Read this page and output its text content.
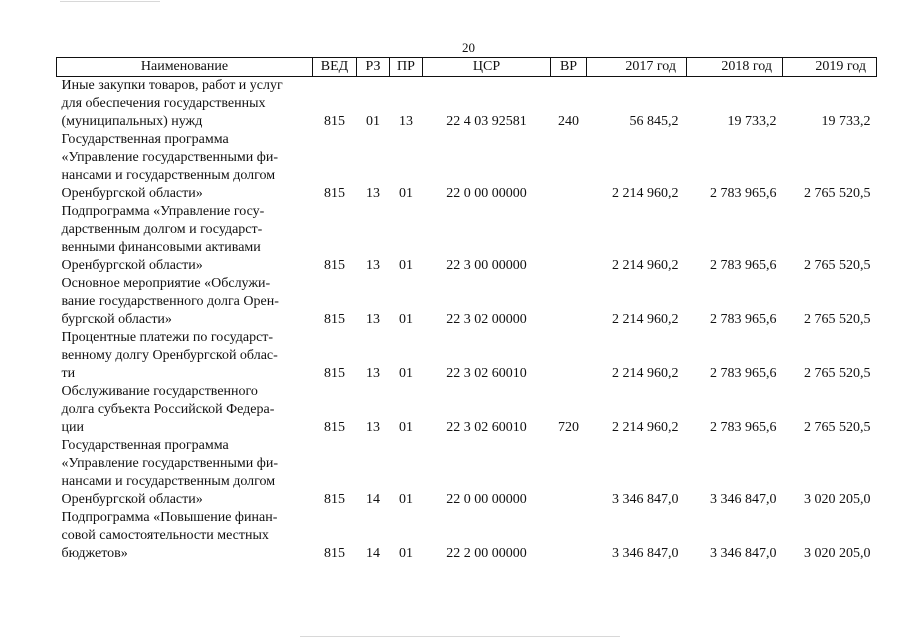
20
Наименование	ВЕД	РЗ	ПР	ЦСР	ВР	2017 год	2018 год	2019 год

Иные закупки товаров, работ и услуг
для обеспечения государственных
(муниципальных) нужд	815	01	13	22 4 03 92581	240	56 845,2	19 733,2	19 733,2

Государственная программа
«Управление государственными фи-
нансами и государственным долгом
Оренбургской области»	815	13	01	22 0 00 00000		2 214 960,2	2 783 965,6	2 765 520,5

Подпрограмма «Управление госу-
дарственным долгом и государст-
венными финансовыми активами
Оренбургской области»	815	13	01	22 3 00 00000		2 214 960,2	2 783 965,6	2 765 520,5

Основное мероприятие «Обслужи-
вание государственного долга Орен-
бургской области»	815	13	01	22 3 02 00000		2 214 960,2	2 783 965,6	2 765 520,5

Процентные платежи по государст-
венному долгу Оренбургской облас-
ти	815	13	01	22 3 02 60010		2 214 960,2	2 783 965,6	2 765 520,5

Обслуживание государственного
долга субъекта Российской Федера-
ции	815	13	01	22 3 02 60010	720	2 214 960,2	2 783 965,6	2 765 520,5

Государственная программа
«Управление государственными фи-
нансами и государственным долгом
Оренбургской области»	815	14	01	22 0 00 00000		3 346 847,0	3 346 847,0	3 020 205,0

Подпрограмма «Повышение финан-
совой самостоятельности местных
бюджетов»	815	14	01	22 2 00 00000		3 346 847,0	3 346 847,0	3 020 205,0
